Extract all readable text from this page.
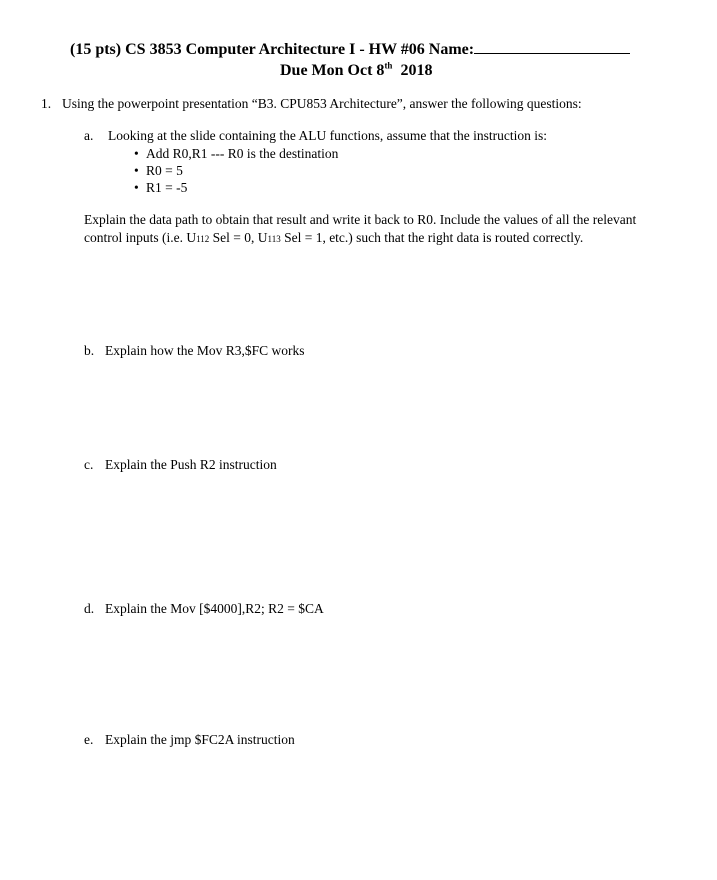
(15 pts) CS 3853 Computer Architecture I - HW #06 Name:
Due Mon Oct 8th 2018
1. Using the powerpoint presentation “B3. CPU853 Architecture”, answer the following questions:
a. Looking at the slide containing the ALU functions, assume that the instruction is:
• Add R0,R1 --- R0 is the destination
• R0 = 5
• R1 = -5
Explain the data path to obtain that result and write it back to R0. Include the values of all the relevant
control inputs (i.e. U112 Sel = 0, U113 Sel = 1, etc.) such that the right data is routed correctly.
b. Explain how the Mov R3,$FC works
c. Explain the Push R2 instruction
d. Explain the Mov [$4000],R2; R2 = $CA
e. Explain the jmp $FC2A instruction
